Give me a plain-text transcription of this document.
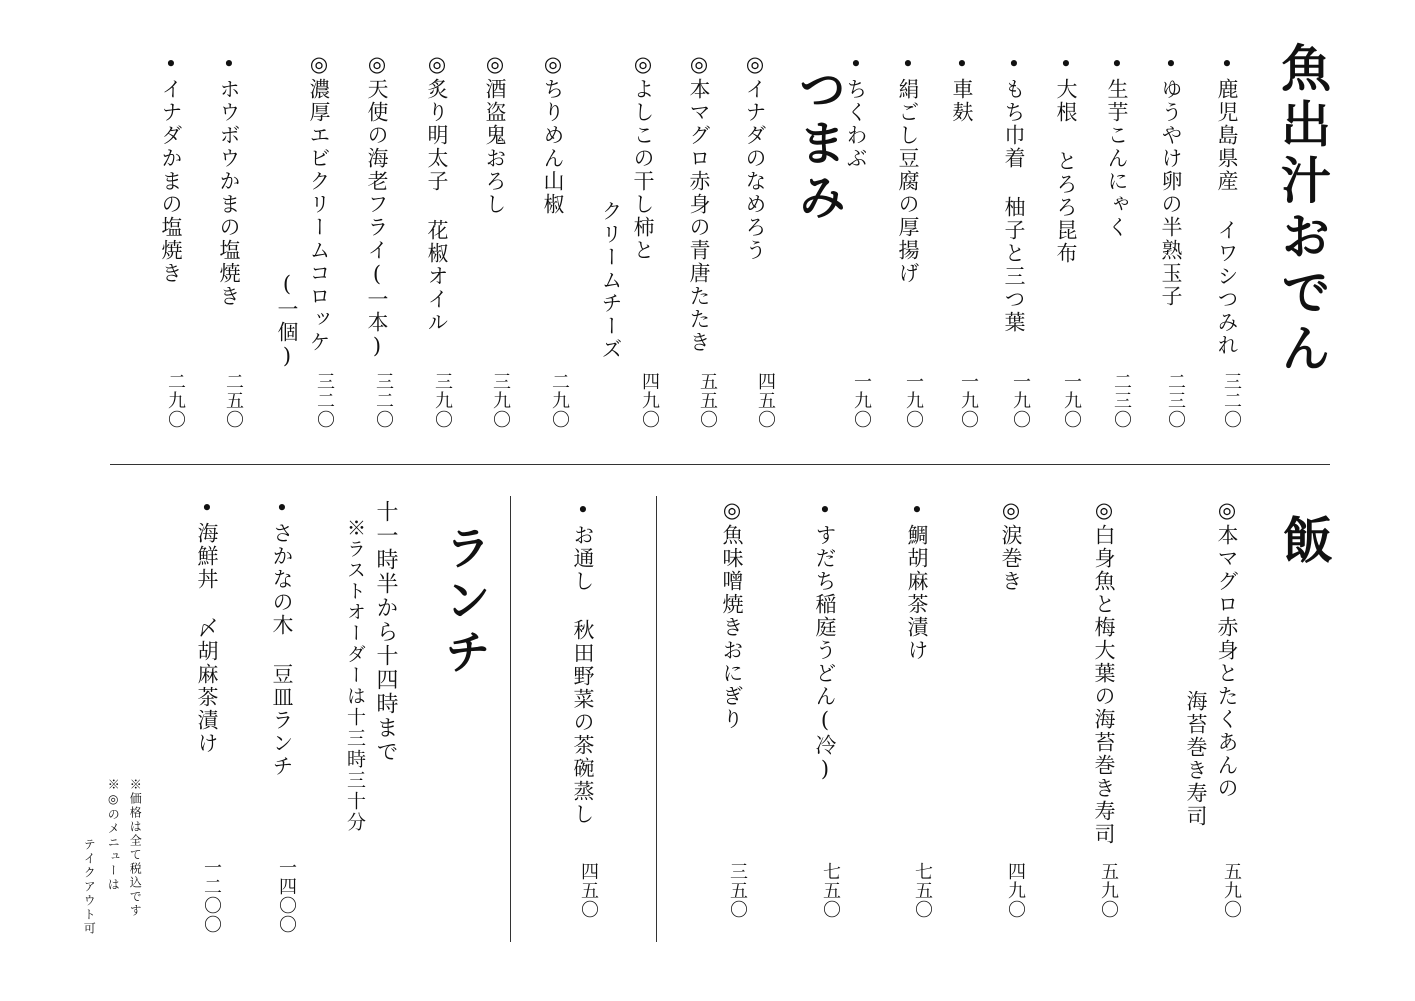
魚出汁おでん
•鹿児島県産 イワシつみれ
三二〇
•ゆうやけ卵の半熟玉子
二三〇
•生芋こんにゃく
二三〇
•大根 とろろ昆布
一九〇
•もち巾着 柚子と三つ葉
一九〇
•車麸
一九〇
•絹ごし豆腐の厚揚げ
一九〇
•ちくわぶ
一九〇
つまみ
◎イナダのなめろう
四五〇
◎本マグロ赤身の青唐たたき
五五〇
◎よしこの干し柿と
クリームチーズ
四九〇
◎ちりめん山椒
二九〇
◎酒盗鬼おろし
三九〇
◎炙り明太子 花椒オイル
三九〇
◎天使の海老フライ(一本)
三二〇
◎濃厚エビクリームコロッケ
(一個)
三二〇
•ホウボウかまの塩焼き
二五〇
•イナダかまの塩焼き
二九〇
飯
◎本マグロ赤身とたくあんの
海苔巻き寿司
五九〇
◎白身魚と梅大葉の海苔巻き寿司
五九〇
◎涙巻き
四九〇
•鯛胡麻茶漬け
七五〇
•すだち稲庭うどん(冷)
七五〇
◎魚味噌焼きおにぎり
三五〇
•お通し 秋田野菜の茶碗蒸し
四五〇
ランチ
十一時半から十四時まで
※ラストオーダーは十三時三十分
•さかなの木 豆皿ランチ
一四〇〇
•海鮮丼 〆胡麻茶漬け
一二〇〇
※価格は全て税込です
※◎のメニューは
テイクアウト可
